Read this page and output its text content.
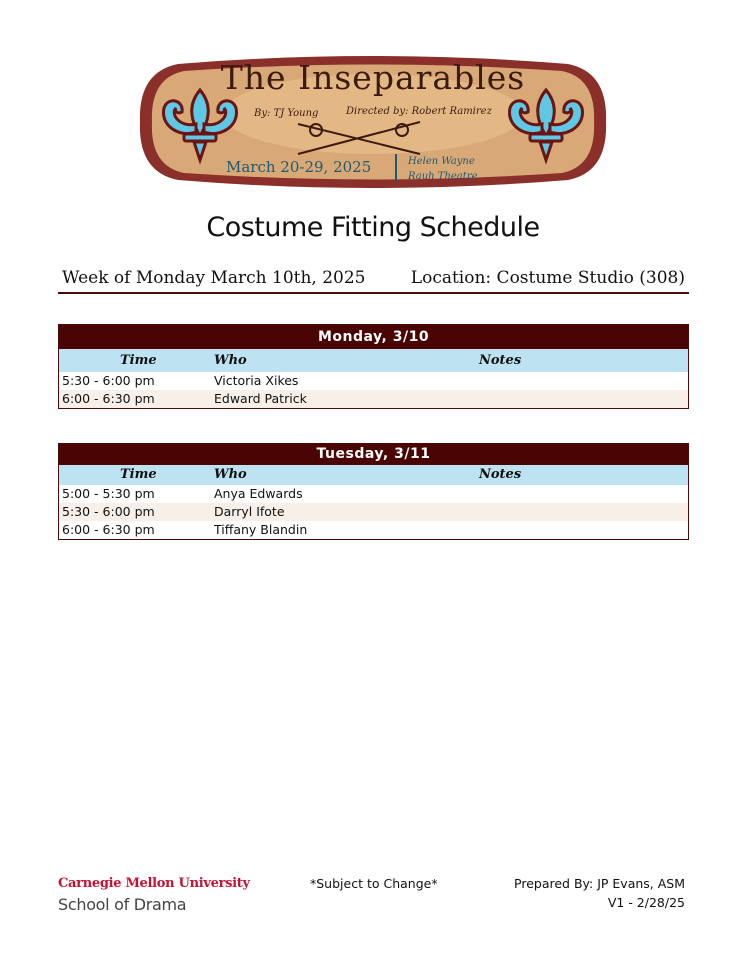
The Inseparables
By: TJ Young	Directed by: Robert Ramirez
March 20-29, 2025	Helen Wayne
Rauh Theatre
Costume Fitting Schedule
Week of Monday March 10th, 2025	Location: Costume Studio (308)
Monday, 3/10
Time	Who	Notes
5:30 - 6:00 pm	Victoria Xikes
6:00 - 6:30 pm	Edward Patrick
Tuesday, 3/11
Time	Who	Notes
5:00 - 5:30 pm	Anya Edwards
5:30 - 6:00 pm	Darryl Ifote
6:00 - 6:30 pm	Tiffany Blandin
Carnegie Mellon University
School of Drama
*Subject to Change*	Prepared By: JP Evans, ASM
V1 - 2/28/25
